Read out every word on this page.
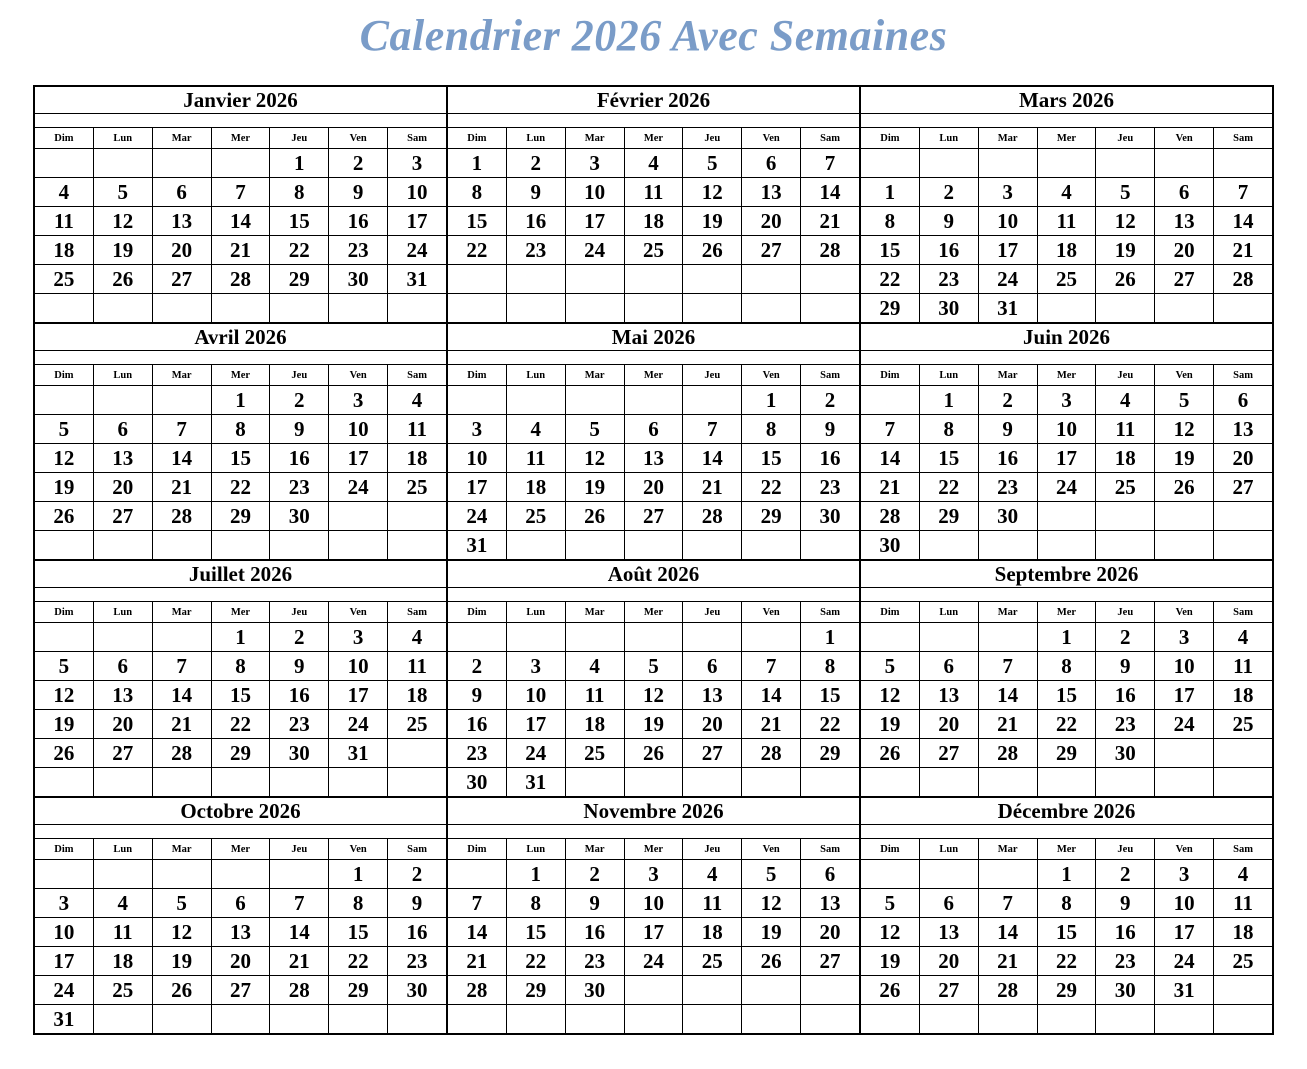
Calendrier 2026 Avec Semaines
Janvier 2026						

Dim	Lun	Mar	Mer	Jeu	Ven	Sam
				1	2	3
4	5	6	7	8	9	10
11	12	13	14	15	16	17
18	19	20	21	22	23	24
25	26	27	28	29	30	31

Février 2026						

Dim	Lun	Mar	Mer	Jeu	Ven	Sam
1	2	3	4	5	6	7
8	9	10	11	12	13	14
15	16	17	18	19	20	21
22	23	24	25	26	27	28

Mars 2026						

Dim	Lun	Mar	Mer	Jeu	Ven	Sam

1	2	3	4	5	6	7
8	9	10	11	12	13	14
15	16	17	18	19	20	21
22	23	24	25	26	27	28
29	30	31				
Avril 2026						

Dim	Lun	Mar	Mer	Jeu	Ven	Sam
			1	2	3	4
5	6	7	8	9	10	11
12	13	14	15	16	17	18
19	20	21	22	23	24	25
26	27	28	29	30		

Mai 2026						

Dim	Lun	Mar	Mer	Jeu	Ven	Sam
					1	2
3	4	5	6	7	8	9
10	11	12	13	14	15	16
17	18	19	20	21	22	23
24	25	26	27	28	29	30
31						
Juin 2026						

Dim	Lun	Mar	Mer	Jeu	Ven	Sam
	1	2	3	4	5	6
7	8	9	10	11	12	13
14	15	16	17	18	19	20
21	22	23	24	25	26	27
28	29	30				
30						
Juillet 2026						

Dim	Lun	Mar	Mer	Jeu	Ven	Sam
			1	2	3	4
5	6	7	8	9	10	11
12	13	14	15	16	17	18
19	20	21	22	23	24	25
26	27	28	29	30	31	

Août 2026						

Dim	Lun	Mar	Mer	Jeu	Ven	Sam
						1
2	3	4	5	6	7	8
9	10	11	12	13	14	15
16	17	18	19	20	21	22
23	24	25	26	27	28	29
30	31					
Septembre 2026						

Dim	Lun	Mar	Mer	Jeu	Ven	Sam
			1	2	3	4
5	6	7	8	9	10	11
12	13	14	15	16	17	18
19	20	21	22	23	24	25
26	27	28	29	30		

Octobre 2026						

Dim	Lun	Mar	Mer	Jeu	Ven	Sam
					1	2
3	4	5	6	7	8	9
10	11	12	13	14	15	16
17	18	19	20	21	22	23
24	25	26	27	28	29	30
31						
Novembre 2026						

Dim	Lun	Mar	Mer	Jeu	Ven	Sam
	1	2	3	4	5	6
7	8	9	10	11	12	13
14	15	16	17	18	19	20
21	22	23	24	25	26	27
28	29	30				

Décembre 2026						

Dim	Lun	Mar	Mer	Jeu	Ven	Sam
			1	2	3	4
5	6	7	8	9	10	11
12	13	14	15	16	17	18
19	20	21	22	23	24	25
26	27	28	29	30	31	
